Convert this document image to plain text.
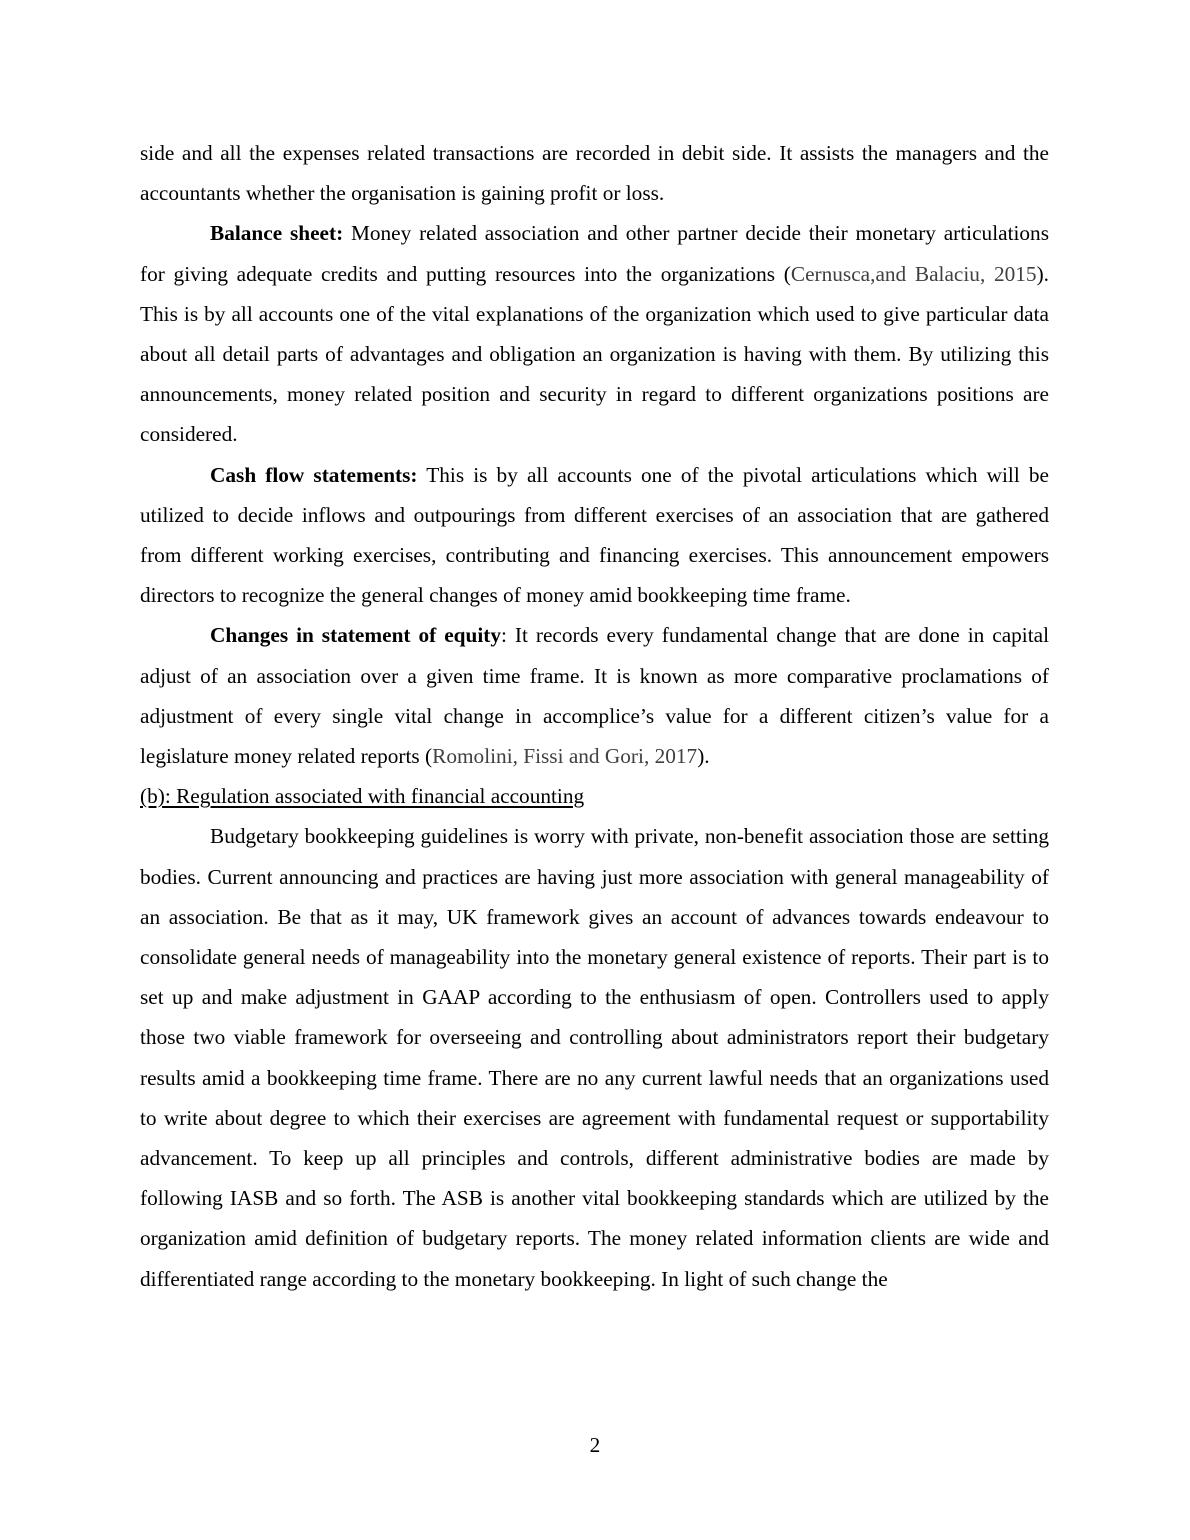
side and all the expenses related transactions are recorded in debit side. It assists the managers and the accountants whether the organisation is gaining profit or loss.

Balance sheet: Money related association and other partner decide their monetary articulations for giving adequate credits and putting resources into the organizations (Cernusca,and Balaciu, 2015). This is by all accounts one of the vital explanations of the organization which used to give particular data about all detail parts of advantages and obligation an organization is having with them. By utilizing this announcements, money related position and security in regard to different organizations positions are considered.

Cash flow statements: This is by all accounts one of the pivotal articulations which will be utilized to decide inflows and outpourings from different exercises of an association that are gathered from different working exercises, contributing and financing exercises. This announcement empowers directors to recognize the general changes of money amid bookkeeping time frame.

Changes in statement of equity: It records every fundamental change that are done in capital adjust of an association over a given time frame. It is known as more comparative proclamations of adjustment of every single vital change in accomplice’s value for a different citizen’s value for a legislature money related reports (Romolini, Fissi and Gori, 2017).

(b): Regulation associated with financial accounting

Budgetary bookkeeping guidelines is worry with private, non-benefit association those are setting bodies. Current announcing and practices are having just more association with general manageability of an association. Be that as it may, UK framework gives an account of advances towards endeavour to consolidate general needs of manageability into the monetary general existence of reports. Their part is to set up and make adjustment in GAAP according to the enthusiasm of open. Controllers used to apply those two viable framework for overseeing and controlling about administrators report their budgetary results amid a bookkeeping time frame. There are no any current lawful needs that an organizations used to write about degree to which their exercises are agreement with fundamental request or supportability advancement. To keep up all principles and controls, different administrative bodies are made by following IASB and so forth. The ASB is another vital bookkeeping standards which are utilized by the organization amid definition of budgetary reports. The money related information clients are wide and differentiated range according to the monetary bookkeeping. In light of such change the

2
